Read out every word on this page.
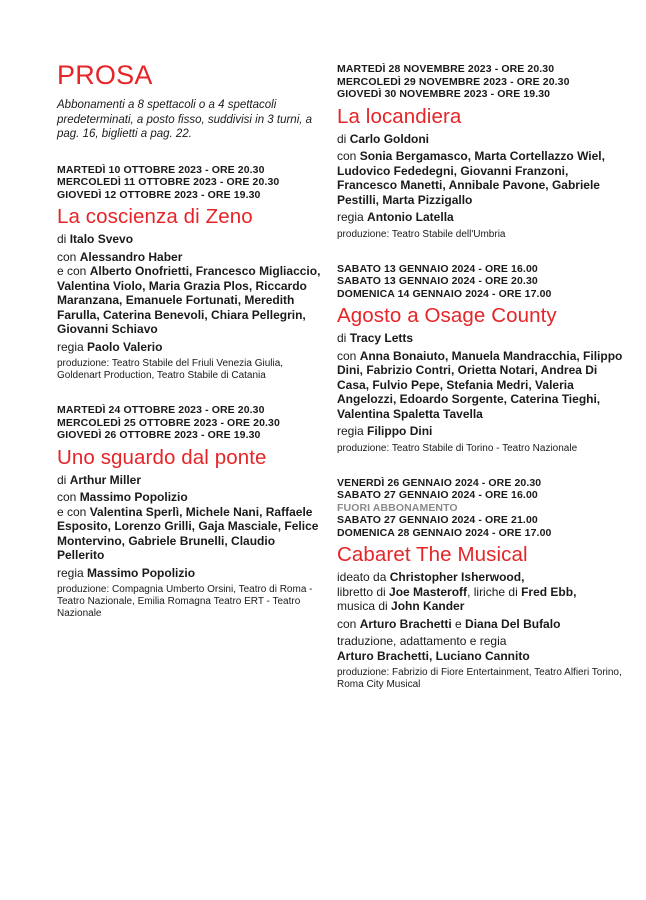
PROSA
Abbonamenti a 8 spettacoli o a 4 spettacoli predeterminati, a posto fisso, suddivisi in 3 turni, a pag. 16, biglietti a pag. 22.
MARTEDÌ 10 OTTOBRE 2023 - ORE 20.30
MERCOLEDÌ 11 OTTOBRE 2023 - ORE 20.30
GIOVEDÌ 12 OTTOBRE 2023 - ORE 19.30
La coscienza di Zeno
di Italo Svevo
con Alessandro Haber
e con Alberto Onofrietti, Francesco Migliaccio, Valentina Violo, Maria Grazia Plos, Riccardo Maranzana, Emanuele Fortunati, Meredith Farulla, Caterina Benevoli, Chiara Pellegrin, Giovanni Schiavo
regia Paolo Valerio
produzione: Teatro Stabile del Friuli Venezia Giulia, Goldenart Production, Teatro Stabile di Catania
MARTEDÌ 24 OTTOBRE 2023 - ORE 20.30
MERCOLEDÌ 25 OTTOBRE 2023 - ORE 20.30
GIOVEDÌ 26 OTTOBRE 2023 - ORE 19.30
Uno sguardo dal ponte
di Arthur Miller
con Massimo Popolizio
e con Valentina Sperlì, Michele Nani, Raffaele Esposito, Lorenzo Grilli, Gaja Masciale, Felice Montervino, Gabriele Brunelli, Claudio Pellerito
regia Massimo Popolizio
produzione: Compagnia Umberto Orsini, Teatro di Roma - Teatro Nazionale, Emilia Romagna Teatro ERT - Teatro Nazionale
MARTEDÌ 28 NOVEMBRE 2023 - ORE 20.30
MERCOLEDÌ 29 NOVEMBRE 2023 - ORE 20.30
GIOVEDÌ 30 NOVEMBRE 2023 - ORE 19.30
La locandiera
di Carlo Goldoni
con Sonia Bergamasco, Marta Cortellazzo Wiel, Ludovico Fededegni, Giovanni Franzoni, Francesco Manetti, Annibale Pavone, Gabriele Pestilli, Marta Pizzigallo
regia Antonio Latella
produzione: Teatro Stabile dell'Umbria
SABATO 13 GENNAIO 2024 - ORE 16.00
SABATO 13 GENNAIO 2024 - ORE 20.30
DOMENICA 14 GENNAIO 2024 - ORE 17.00
Agosto a Osage County
di Tracy Letts
con Anna Bonaiuto, Manuela Mandracchia, Filippo Dini, Fabrizio Contri, Orietta Notari, Andrea Di Casa, Fulvio Pepe, Stefania Medri, Valeria Angelozzi, Edoardo Sorgente, Caterina Tieghi, Valentina Spaletta Tavella
regia Filippo Dini
produzione: Teatro Stabile di Torino - Teatro Nazionale
VENERDÌ 26 GENNAIO 2024 - ORE 20.30
SABATO 27 GENNAIO 2024 - ORE 16.00
FUORI ABBONAMENTO
SABATO 27 GENNAIO 2024 - ORE 21.00
DOMENICA 28 GENNAIO 2024 - ORE 17.00
Cabaret The Musical
ideato da Christopher Isherwood,
libretto di Joe Masteroff, liriche di Fred Ebb,
musica di John Kander
con Arturo Brachetti e Diana Del Bufalo
traduzione, adattamento e regia
Arturo Brachetti, Luciano Cannito
produzione: Fabrizio di Fiore Entertainment, Teatro Alfieri Torino, Roma City Musical
